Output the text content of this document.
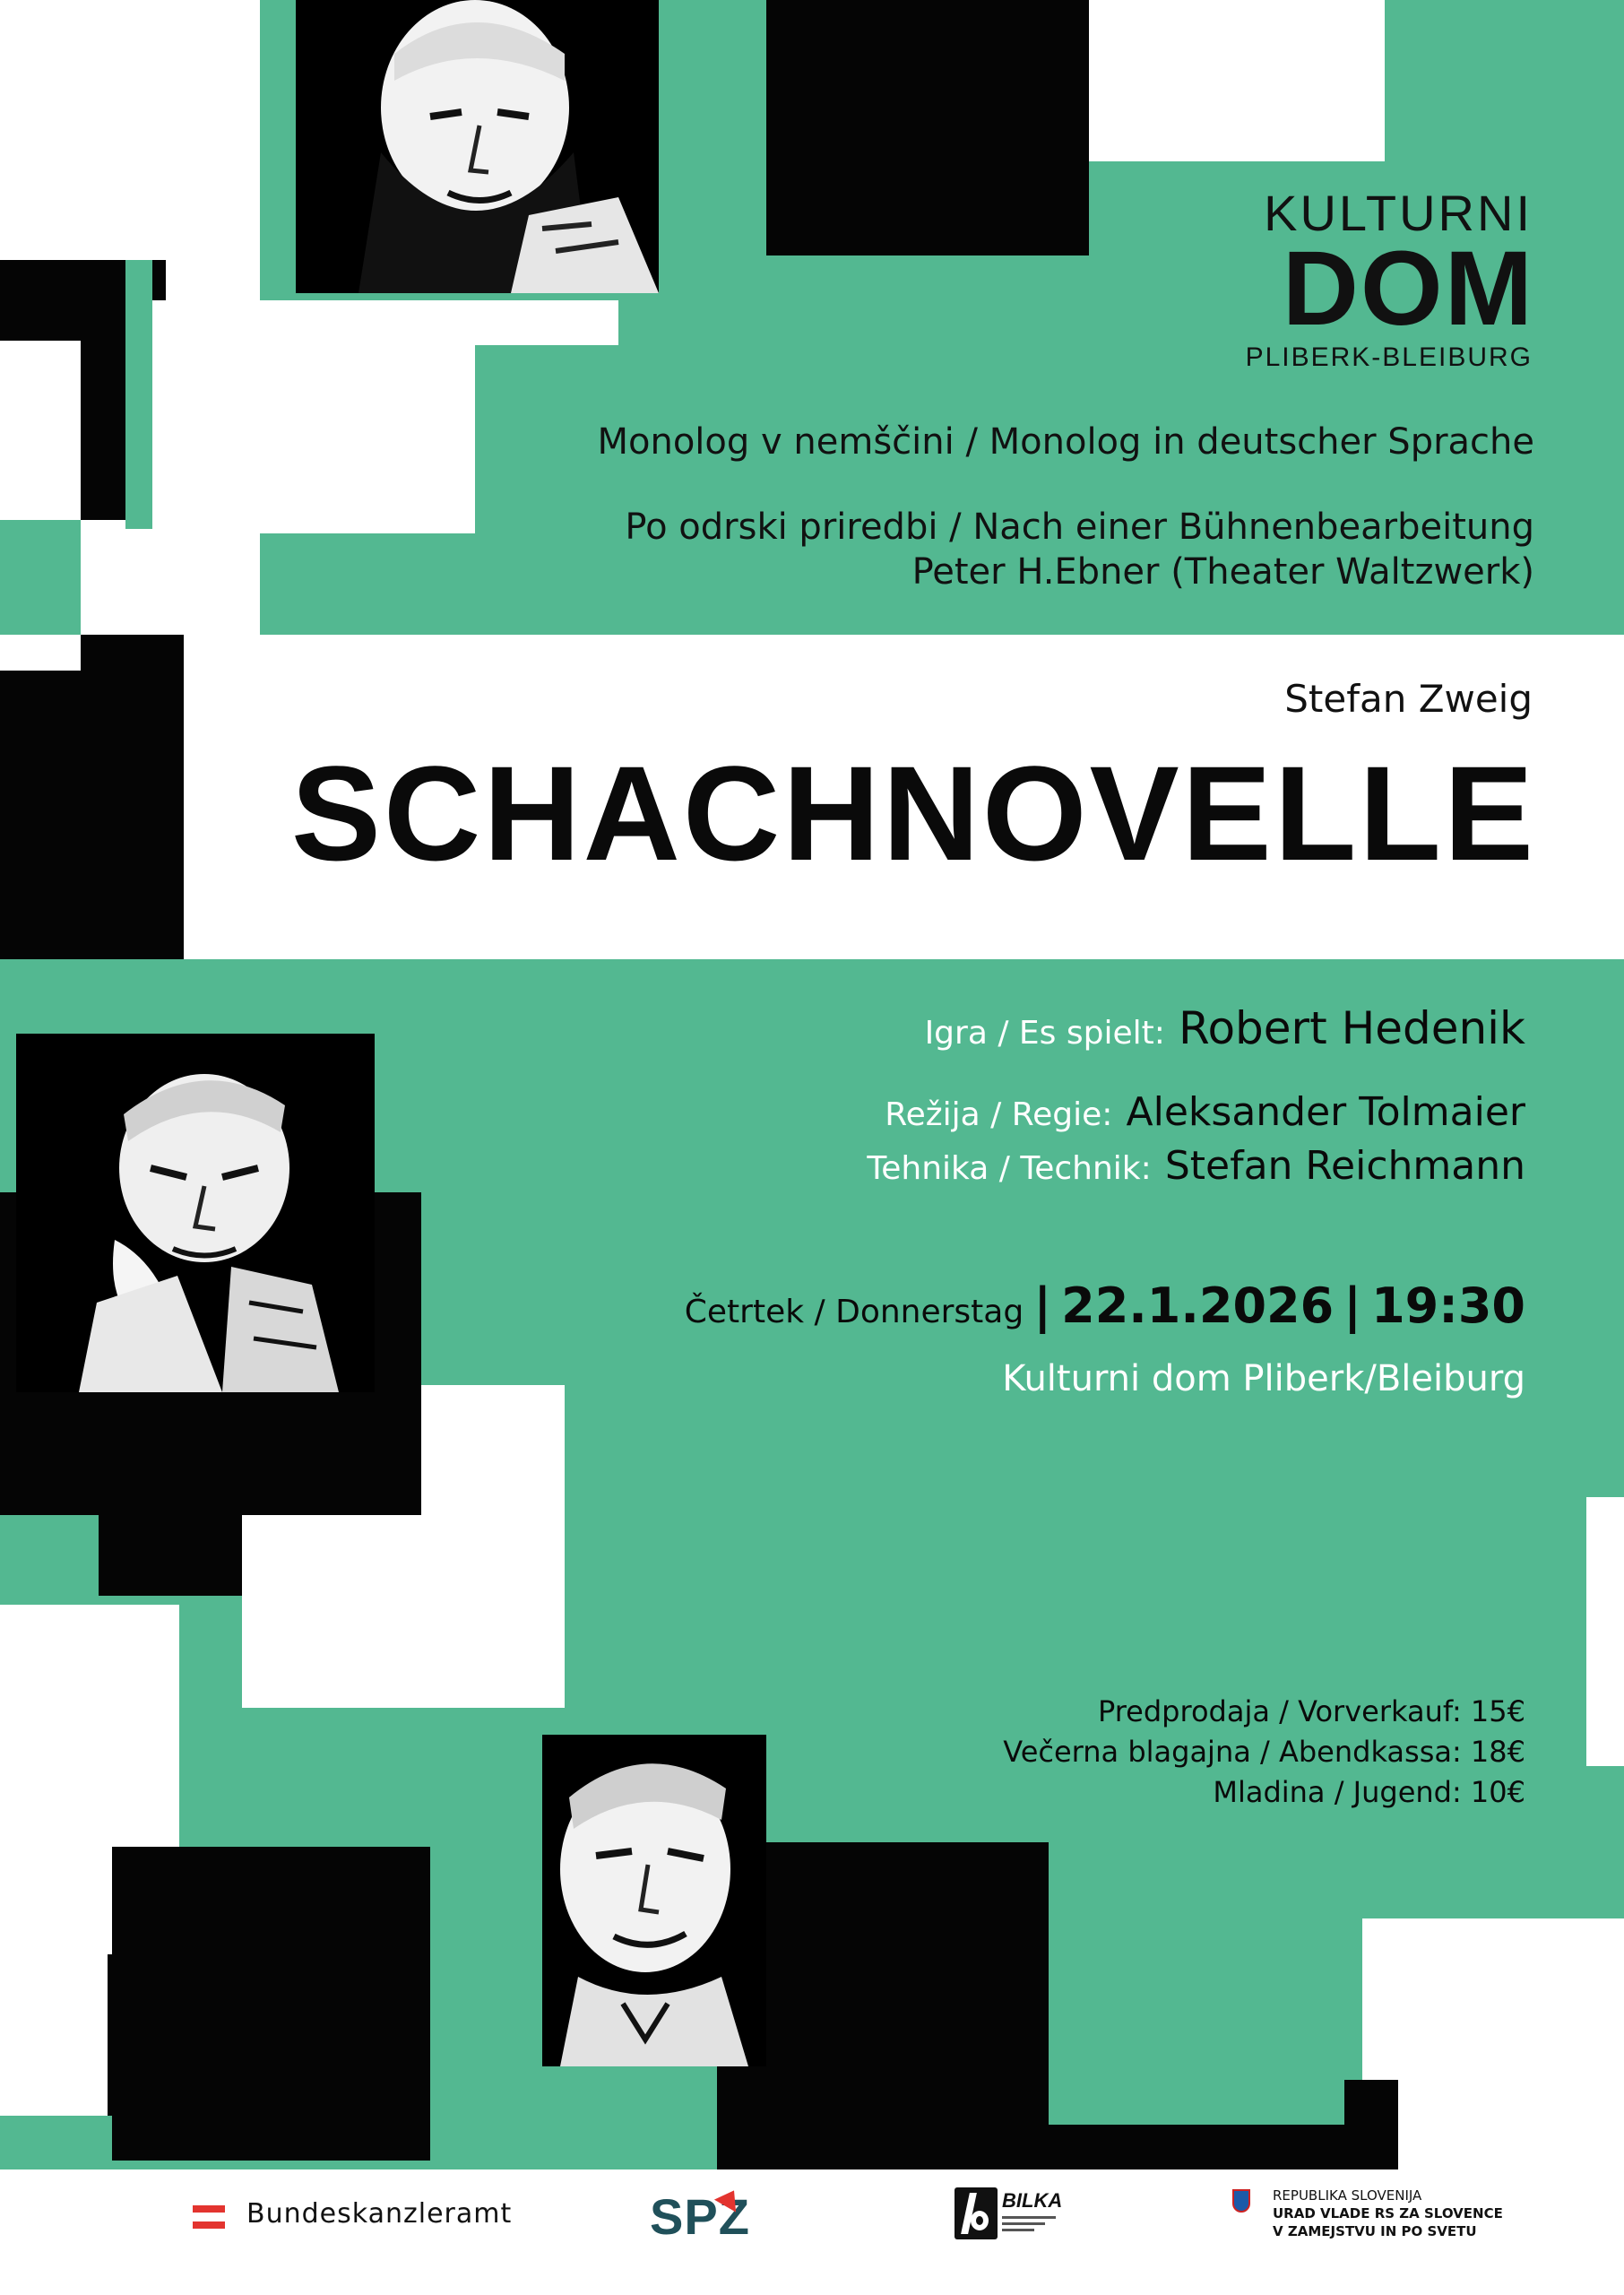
KULTURNI
DOM
PLIBERK-BLEIBURG
Monolog v nemščini / Monolog in deutscher Sprache
Po odrski priredbi / Nach einer Bühnenbearbeitung
Peter H.Ebner (Theater Waltzwerk)
Stefan Zweig
SCHACHNOVELLE
Igra / Es spielt: Robert Hedenik
Režija / Regie: Aleksander Tolmaier
Tehnika / Technik: Stefan Reichmann
Četrtek / Donnerstag | 22.1.2026 | 19:30
Kulturni dom Pliberk/Bleiburg
Predprodaja / Vorverkauf: 15€
Večerna blagajna / Abendkassa: 18€
Mladina / Jugend: 10€
Bundeskanzleramt	SPZ	BILKA	REPUBLIKA SLOVENIJA
URAD VLADE RS ZA SLOVENCE
V ZAMEJSTVU IN PO SVETU
